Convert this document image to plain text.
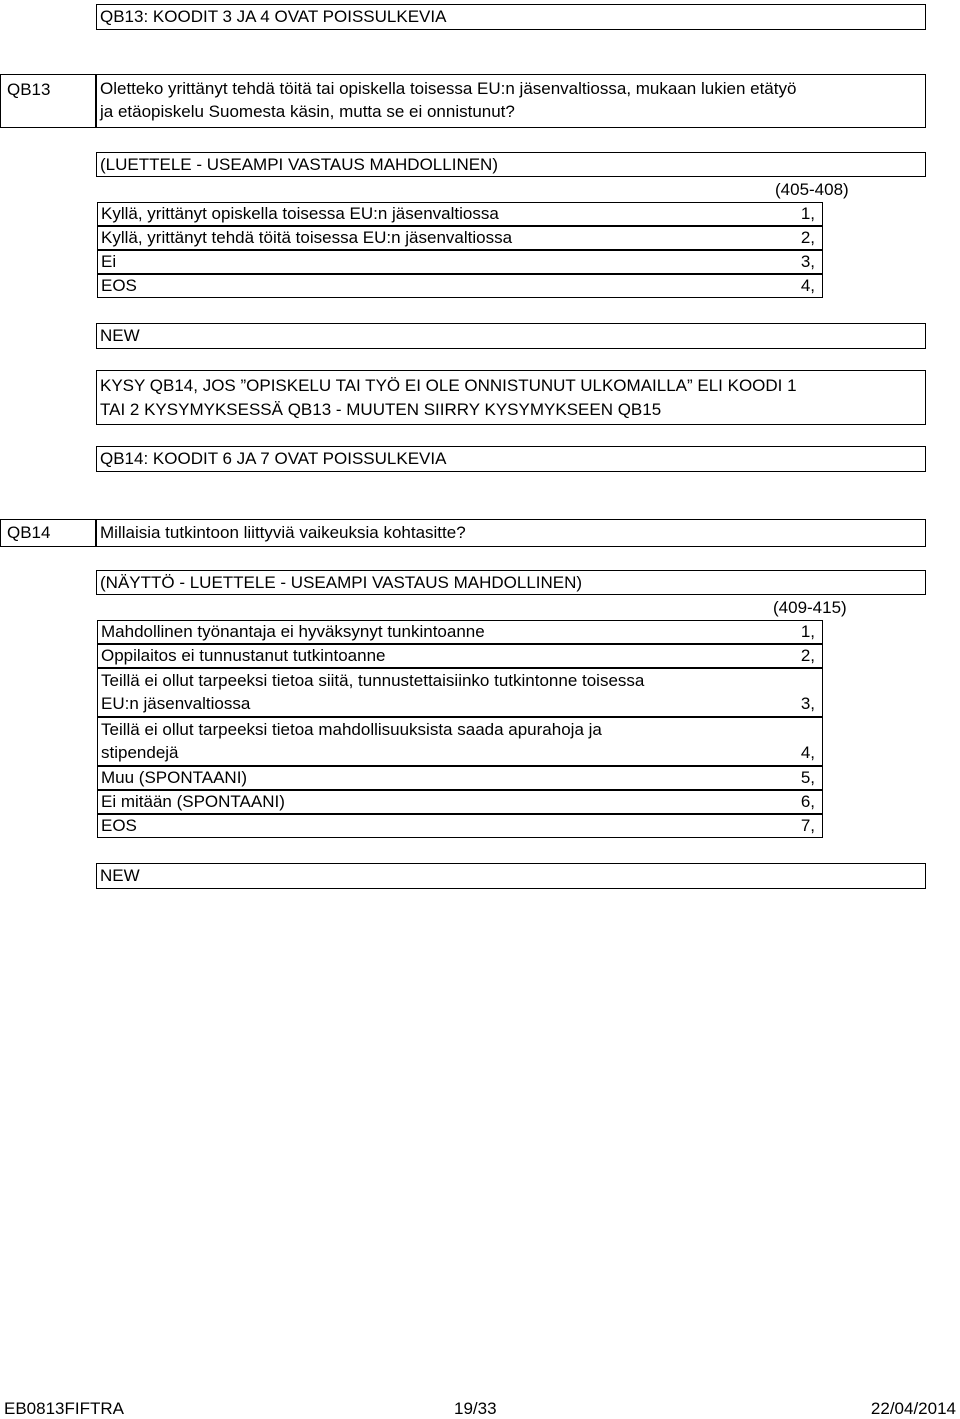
QB13: KOODIT 3 JA 4 OVAT POISSULKEVIA
QB13	Oletteko yrittänyt tehdä töitä tai opiskella toisessa EU:n jäsenvaltiossa, mukaan lukien etätyö
ja etäopiskelu Suomesta käsin, mutta se ei onnistunut?
(LUETTELE - USEAMPI VASTAUS MAHDOLLINEN)
(405-408)
Kyllä, yrittänyt opiskella toisessa EU:n jäsenvaltiossa	1,
Kyllä, yrittänyt tehdä töitä toisessa EU:n jäsenvaltiossa	2,
Ei	3,
EOS	4,
NEW
KYSY QB14, JOS ”OPISKELU TAI TYÖ EI OLE ONNISTUNUT ULKOMAILLA” ELI KOODI 1
TAI 2 KYSYMYKSESSÄ QB13 - MUUTEN SIIRRY KYSYMYKSEEN QB15
QB14: KOODIT 6 JA 7 OVAT POISSULKEVIA
QB14	Millaisia tutkintoon liittyviä vaikeuksia kohtasitte?
(NÄYTTÖ - LUETTELE - USEAMPI VASTAUS MAHDOLLINEN)
(409-415)
Mahdollinen työnantaja ei hyväksynyt tunkintoanne	1,
Oppilaitos ei tunnustanut tutkintoanne	2,
Teillä ei ollut tarpeeksi tietoa siitä, tunnustettaisiinko tutkintonne toisessa
EU:n jäsenvaltiossa	3,
Teillä ei ollut tarpeeksi tietoa mahdollisuuksista saada apurahoja ja
stipendejä	4,
Muu (SPONTAANI)	5,
Ei mitään (SPONTAANI)	6,
EOS	7,
NEW
EB0813FIFTRA	19/33	22/04/2014
